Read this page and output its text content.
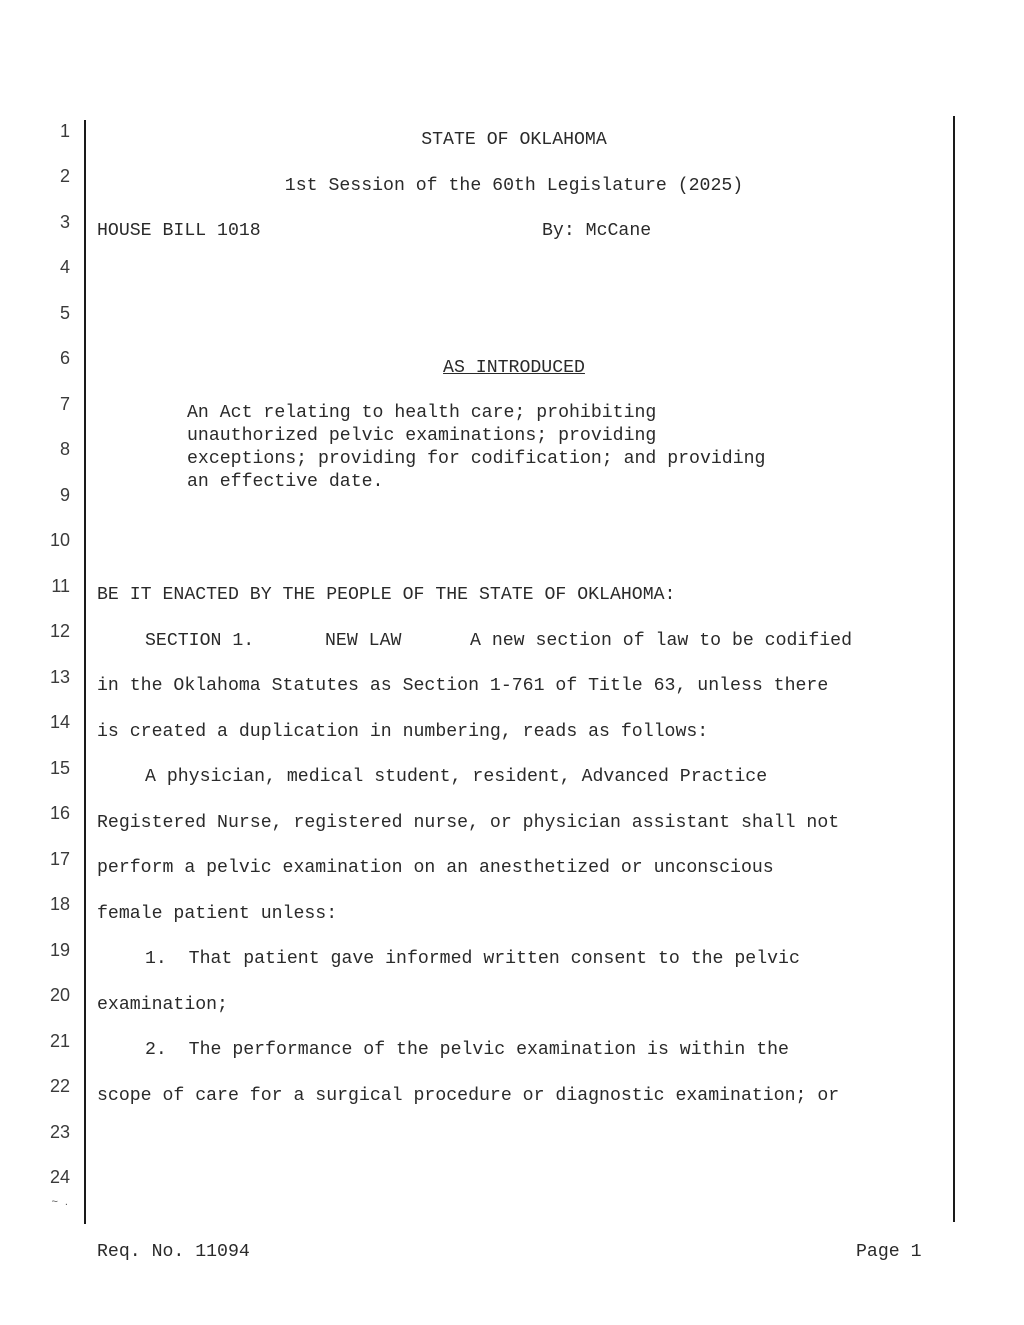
1
2
3
4
5
6
7
8
9
10
11
12
13
14
15
16
17
18
19
20
21
22
23
24
~ .
STATE OF OKLAHOMA
1st Session of the 60th Legislature (2025)
HOUSE BILL 1018	By: McCane
AS INTRODUCED
An Act relating to health care; prohibiting
unauthorized pelvic examinations; providing
exceptions; providing for codification; and providing
an effective date.
BE IT ENACTED BY THE PEOPLE OF THE STATE OF OKLAHOMA:
SECTION 1.	NEW LAW	A new section of law to be codified
in the Oklahoma Statutes as Section 1-761 of Title 63, unless there
is created a duplication in numbering, reads as follows:
A physician, medical student, resident, Advanced Practice
Registered Nurse, registered nurse, or physician assistant shall not
perform a pelvic examination on an anesthetized or unconscious
female patient unless:
1.  That patient gave informed written consent to the pelvic
examination;
2.  The performance of the pelvic examination is within the
scope of care for a surgical procedure or diagnostic examination; or
Req. No. 11094	Page 1
